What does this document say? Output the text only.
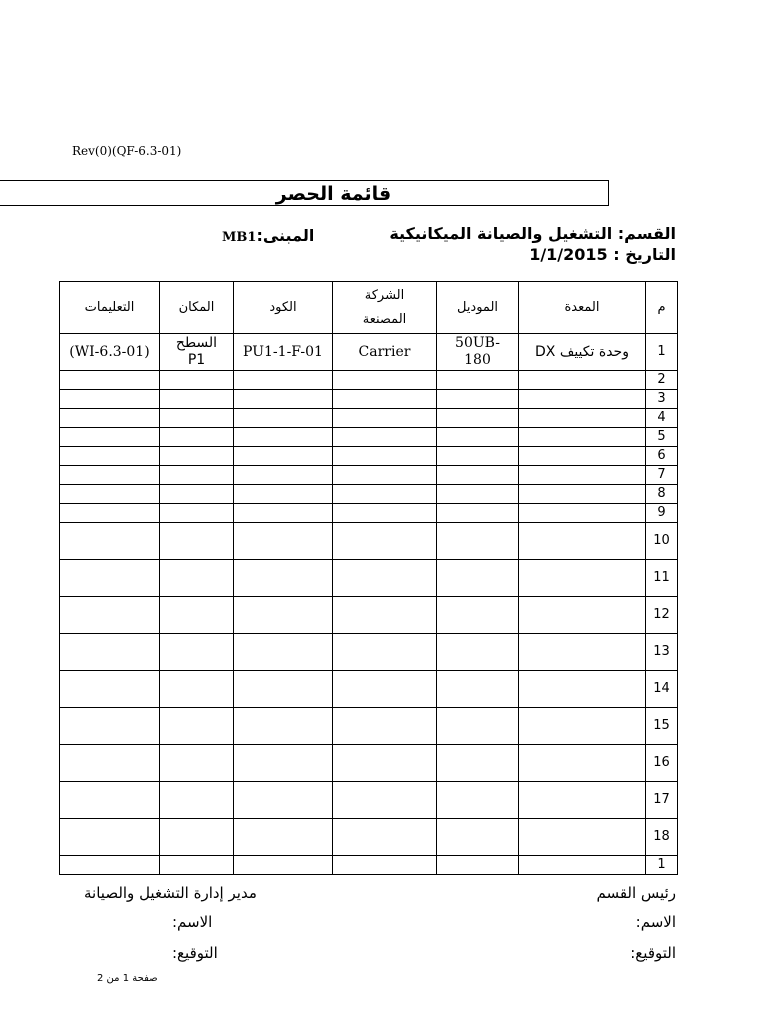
Rev(0)(QF-6.3-01)
قائمة الحصر
القسم: التشغيل والصيانة الميكانيكية
المبنى:MB1
التاريخ : 1/1/2015
التعليمات	المكان	الكود	الشركة المصنعة	الموديل	المعدة	م
(WI-6.3-01)	السطح P1	PU1-1-F-01	Carrier	50UB-180	وحدة تكييف DX	1
						2
						3
						4
						5
						6
						7
						8
						9
						10
						11
						12
						13
						14
						15
						16
						17
						18
						1
رئيس القسم
مدير إدارة التشغيل والصيانة
الاسم:
الاسم:
التوقيع:
التوقيع:
صفحة 1 من 2
